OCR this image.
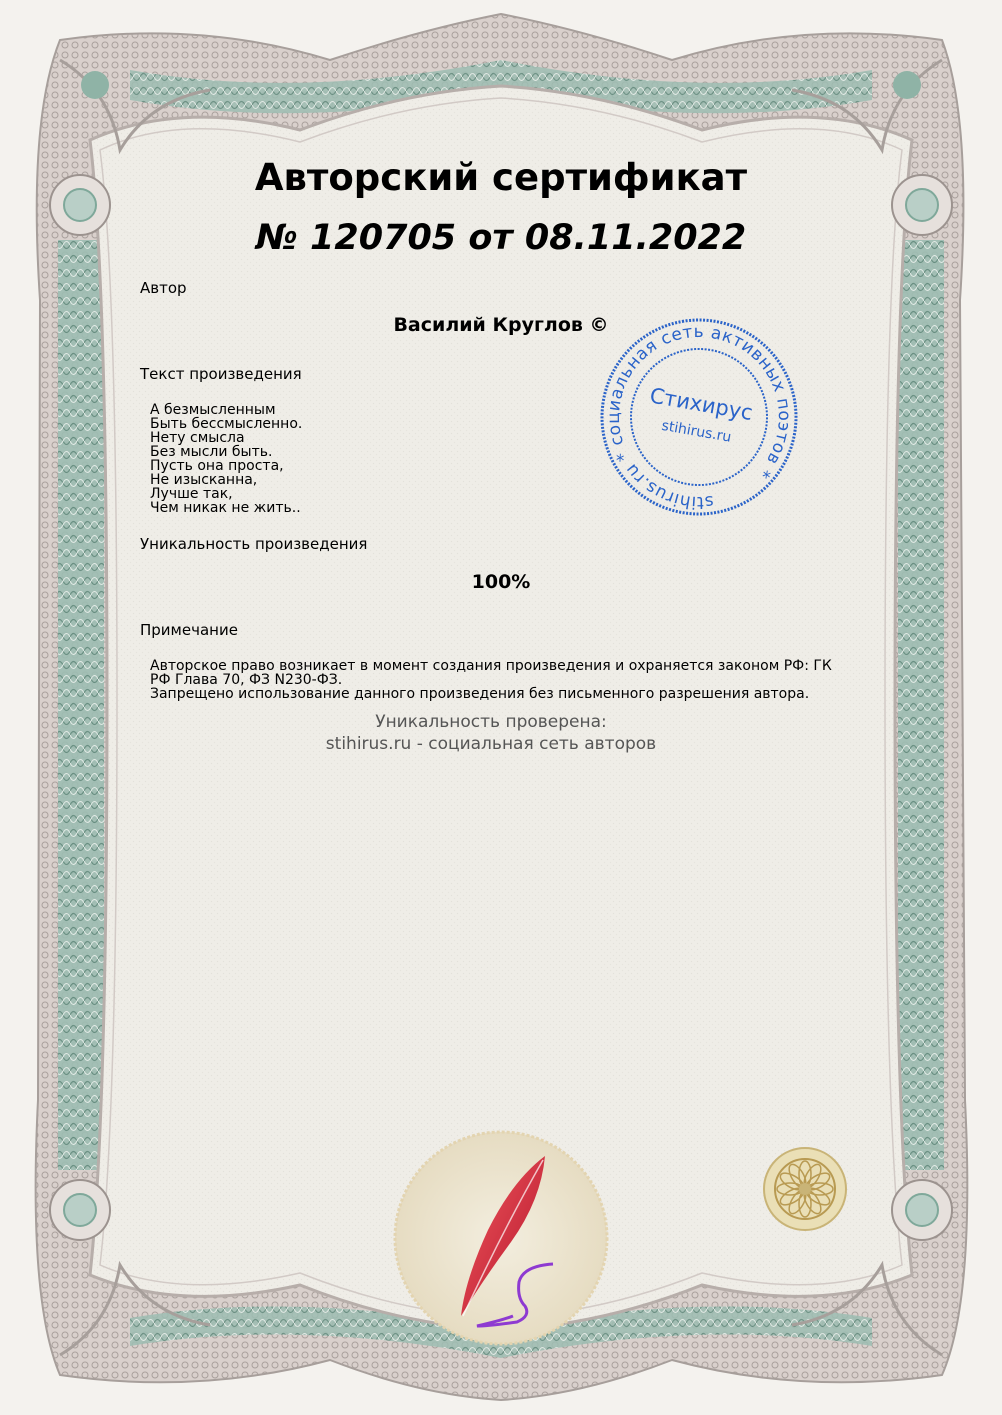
Авторский сертификат
№ 120705 от 08.11.2022
Автор
Василий Круглов ©
Текст произведения
А безмысленным
Быть бессмысленно.
Нету смысла
Без мысли быть.
Пусть она проста,
Не изысканна,
Лучше так,
Чем никак не жить..
Уникальность произведения
100%
Примечание
Авторское право возникает в момент создания произведения и охраняется законом РФ: ГК РФ Глава 70, ФЗ N230-ФЗ.
Запрещено использование данного произведения без письменного разрешения автора.
Уникальность проверена:
stihirus.ru - социальная сеть авторов
stihirus.ru * социальная сеть активных поэтов *
Стихирус
stihirus.ru
